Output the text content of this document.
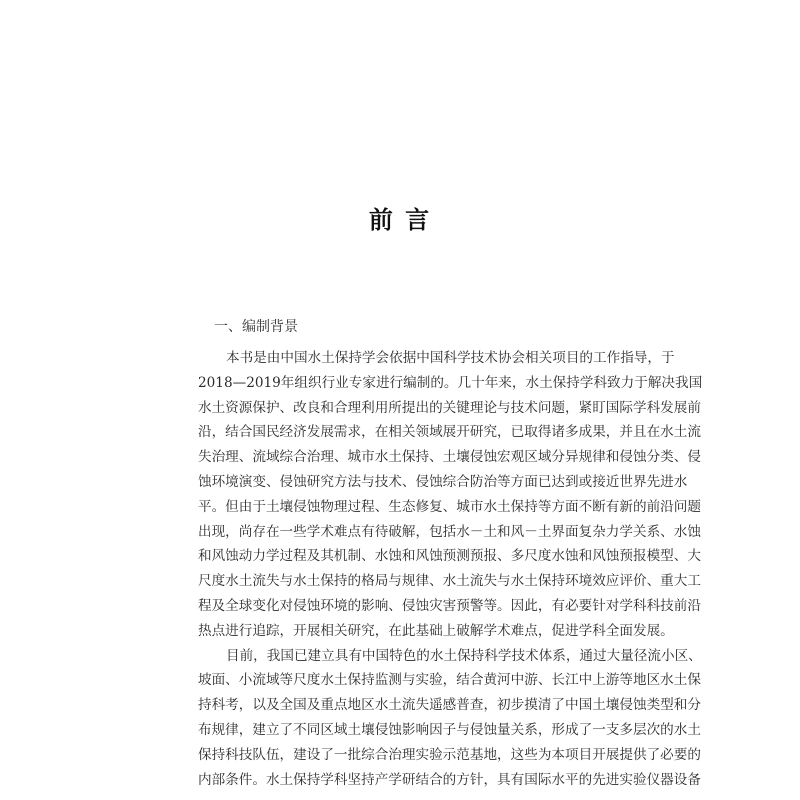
前 言
一、编制背景
本书是由中国水土保持学会依据中国科学技术协会相关项目的工作指导，于
2018—2019年组织行业专家进行编制的。几十年来，水土保持学科致力于解决我国
水土资源保护、改良和合理利用所提出的关键理论与技术问题，紧盯国际学科发展前
沿，结合国民经济发展需求，在相关领域展开研究，已取得诸多成果，并且在水土流
失治理、流域综合治理、城市水土保持、土壤侵蚀宏观区域分异规律和侵蚀分类、侵
蚀环境演变、侵蚀研究方法与技术、侵蚀综合防治等方面已达到或接近世界先进水
平。但由于土壤侵蚀物理过程、生态修复、城市水土保持等方面不断有新的前沿问题
出现，尚存在一些学术难点有待破解，包括水－土和风－土界面复杂力学关系、水蚀
和风蚀动力学过程及其机制、水蚀和风蚀预测预报、多尺度水蚀和风蚀预报模型、大
尺度水土流失与水土保持的格局与规律、水土流失与水土保持环境效应评价、重大工
程及全球变化对侵蚀环境的影响、侵蚀灾害预警等。因此，有必要针对学科科技前沿
热点进行追踪，开展相关研究，在此基础上破解学术难点，促进学科全面发展。
目前，我国已建立具有中国特色的水土保持科学技术体系，通过大量径流小区、
坡面、小流域等尺度水土保持监测与实验，结合黄河中游、长江中上游等地区水土保
持科考，以及全国及重点地区水土流失遥感普查，初步摸清了中国土壤侵蚀类型和分
布规律，建立了不同区域土壤侵蚀影响因子与侵蚀量关系，形成了一支多层次的水土
保持科技队伍，建设了一批综合治理实验示范基地，这些为本项目开展提供了必要的
内部条件。水土保持学科坚持产学研结合的方针，具有国际水平的先进实验仪器设备
